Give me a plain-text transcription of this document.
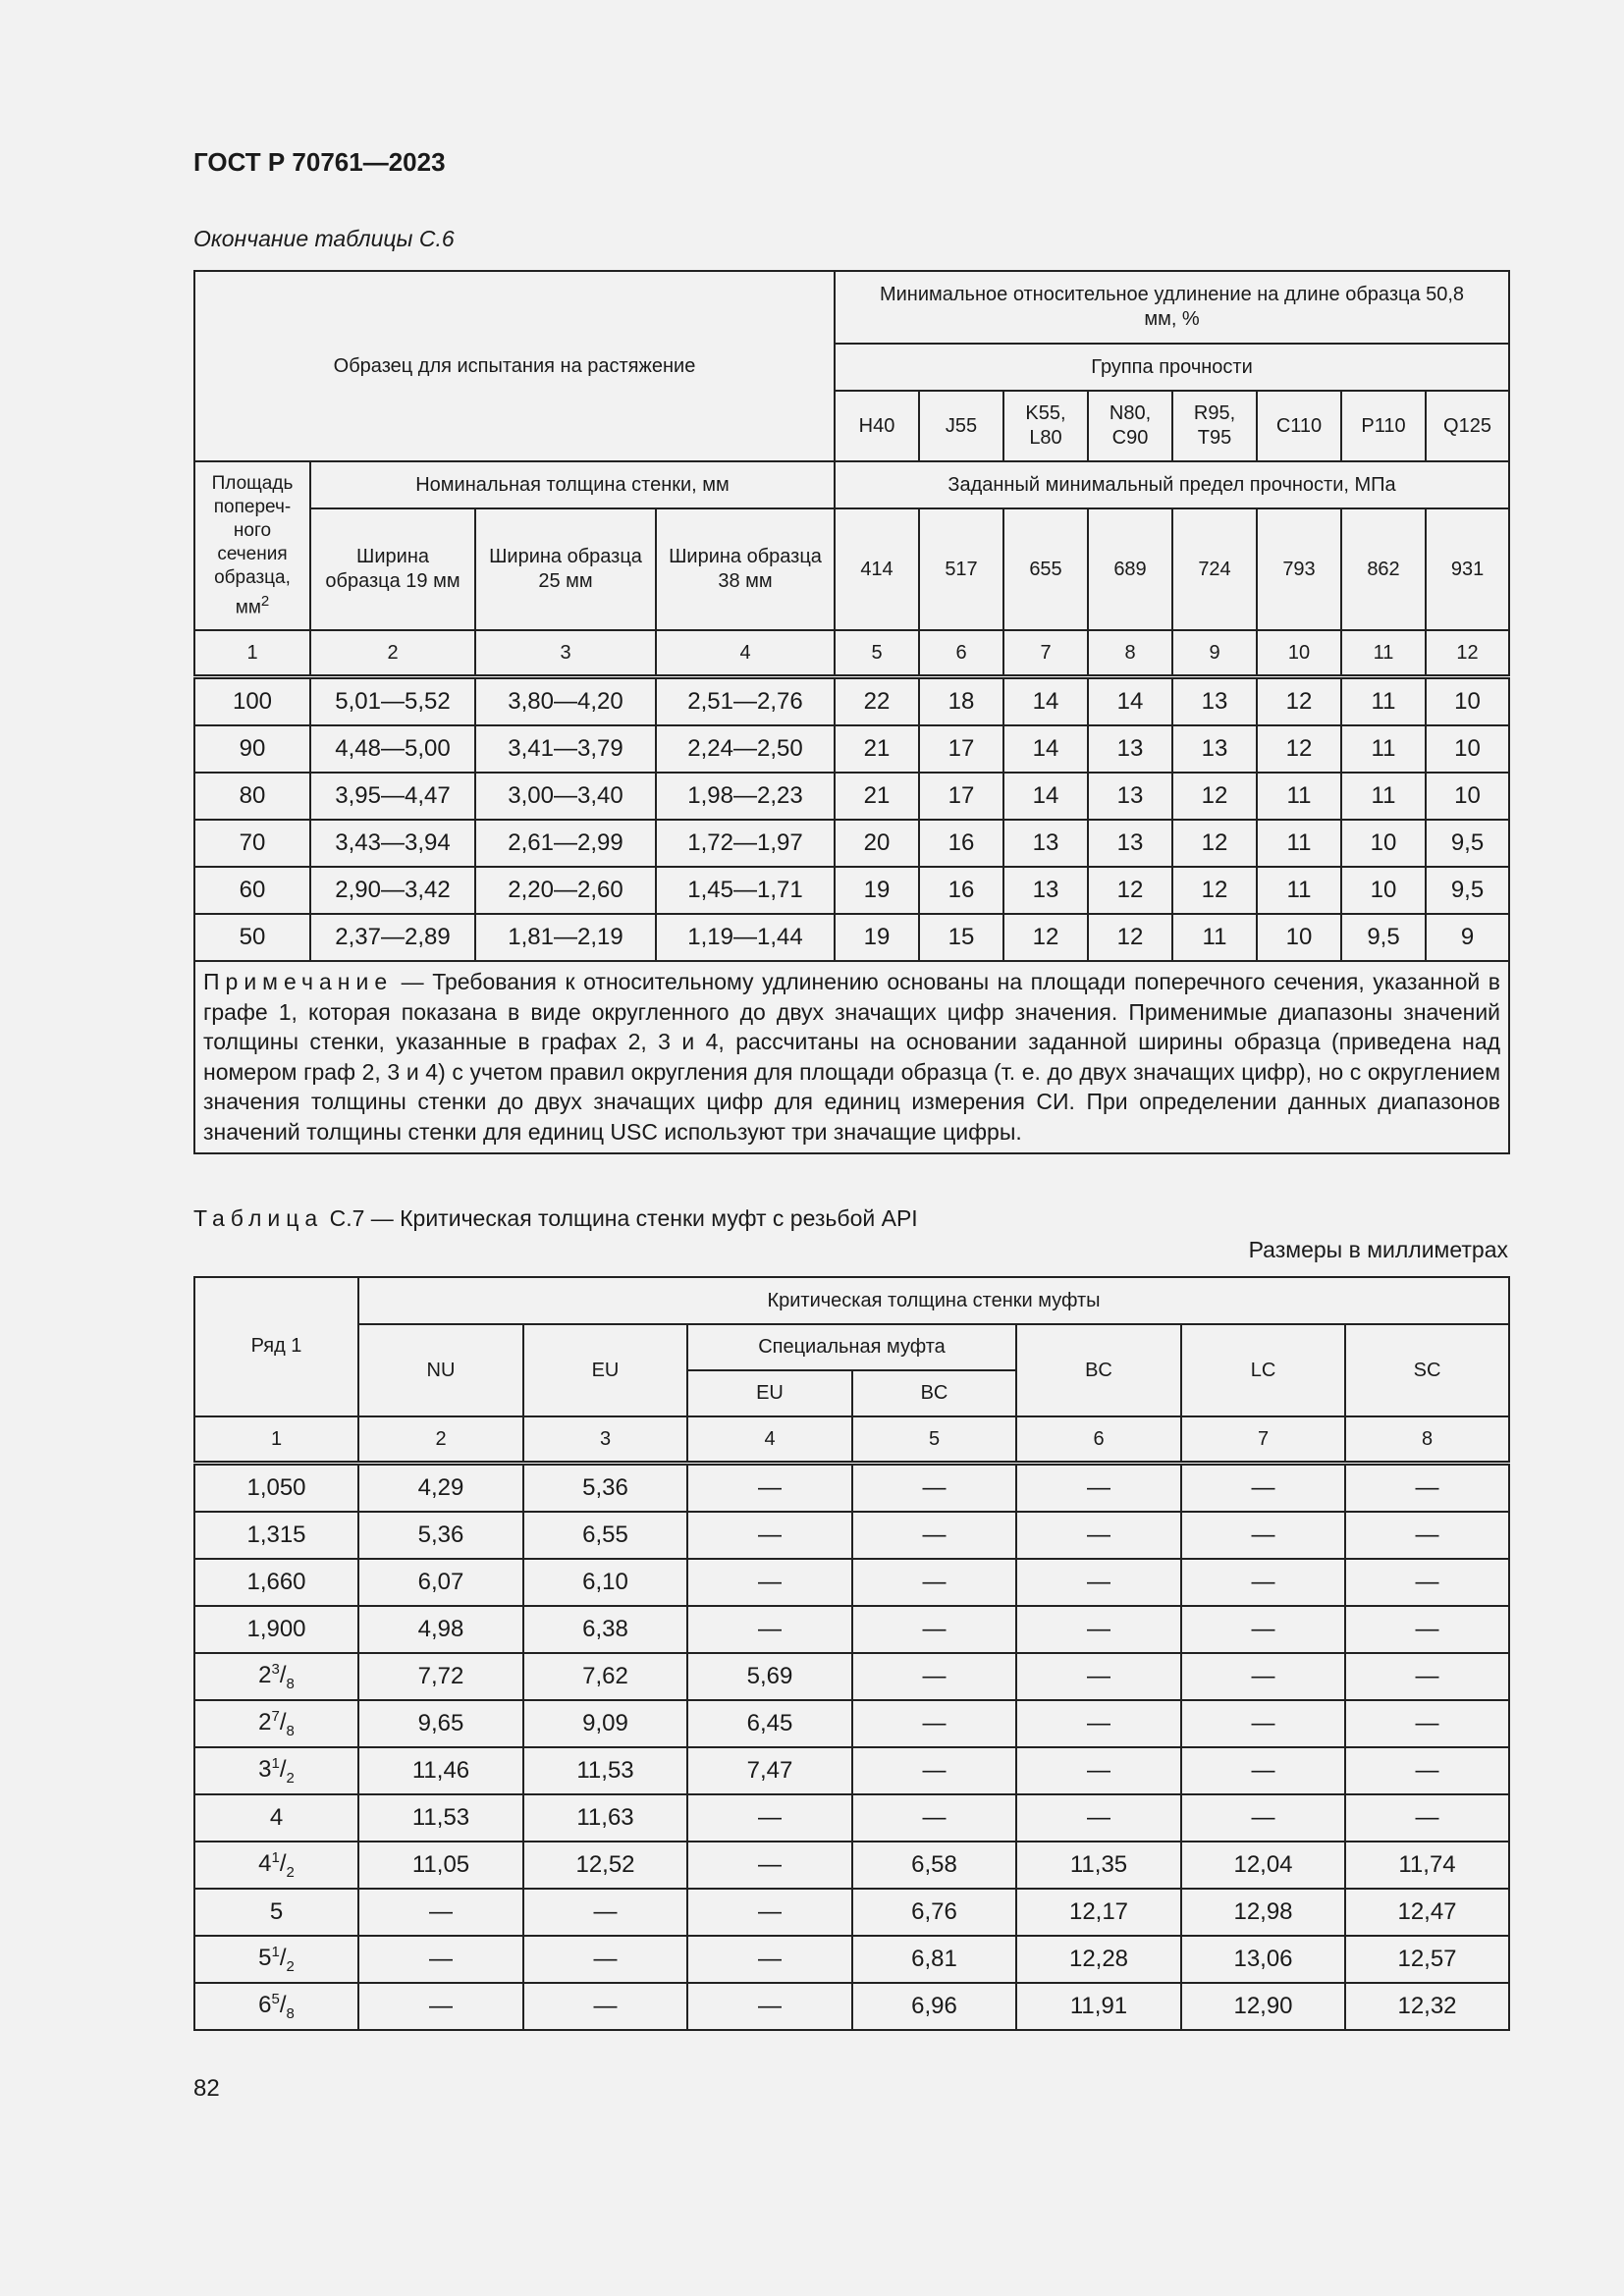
ГОСТ Р 70761—2023
Окончание таблицы С.6
Образец для испытания на растяжение				Минимальное относительное удлинение на длине образца 50,8 мм, %							
				Группа прочности							
				H40	J55	K55, L80	N80, C90	R95, T95	C110	P110	Q125
Площадь попереч-ного сечения образца, $мм^2$	Номинальная толщина стенки, мм			Заданный минимальный предел прочности, МПа							
	Ширина образца 19 мм	Ширина образца 25 мм	Ширина образца 38 мм	414	517	655	689	724	793	862	931
1	2	3	4	5	6	7	8	9	10	11	12
100	5,01—5,52	3,80—4,20	2,51—2,76	22	18	14	14	13	12	11	10
90	4,48—5,00	3,41—3,79	2,24—2,50	21	17	14	13	13	12	11	10
80	3,95—4,47	3,00—3,40	1,98—2,23	21	17	14	13	12	11	11	10
70	3,43—3,94	2,61—2,99	1,72—1,97	20	16	13	13	12	11	10	9,5
60	2,90—3,42	2,20—2,60	1,45—1,71	19	16	13	12	12	11	10	9,5
50	2,37—2,89	1,81—2,19	1,19—1,44	19	15	12	12	11	10	9,5	9
Примечание — Требования к относительному удлинению основаны на площади поперечного сечения, указанной в графе 1, которая показана в виде округленного до двух значащих цифр значения. Применимые диапазоны значений толщины стенки, указанные в графах 2, 3 и 4, рассчитаны на основании заданной ширины образца (приведена над номером граф 2, 3 и 4) с учетом правил округления для площади образца (т. е. до двух значащих цифр), но с округлением значения толщины стенки до двух значащих цифр для единиц измерения СИ. При определении данных диапазонов значений толщины стенки для единиц USC используют три значащие цифры.											
Таблица С.7 — Критическая толщина стенки муфт с резьбой API
Размеры в миллиметрах
Ряд 1	Критическая толщина стенки муфты						
	NU	EU	Специальная муфта		BC	LC	SC
			EU	BC			
1	2	3	4	5	6	7	8
1,050	4,29	5,36	—	—	—	—	—
1,315	5,36	6,55	—	—	—	—	—
1,660	6,07	6,10	—	—	—	—	—
1,900	4,98	6,38	—	—	—	—	—
$2^3/_8$	7,72	7,62	5,69	—	—	—	—
$2^7/_8$	9,65	9,09	6,45	—	—	—	—
$3^1/_2$	11,46	11,53	7,47	—	—	—	—
4	11,53	11,63	—	—	—	—	—
$4^1/_2$	11,05	12,52	—	6,58	11,35	12,04	11,74
5	—	—	—	6,76	12,17	12,98	12,47
$5^1/_2$	—	—	—	6,81	12,28	13,06	12,57
$6^5/_8$	—	—	—	6,96	11,91	12,90	12,32
82
